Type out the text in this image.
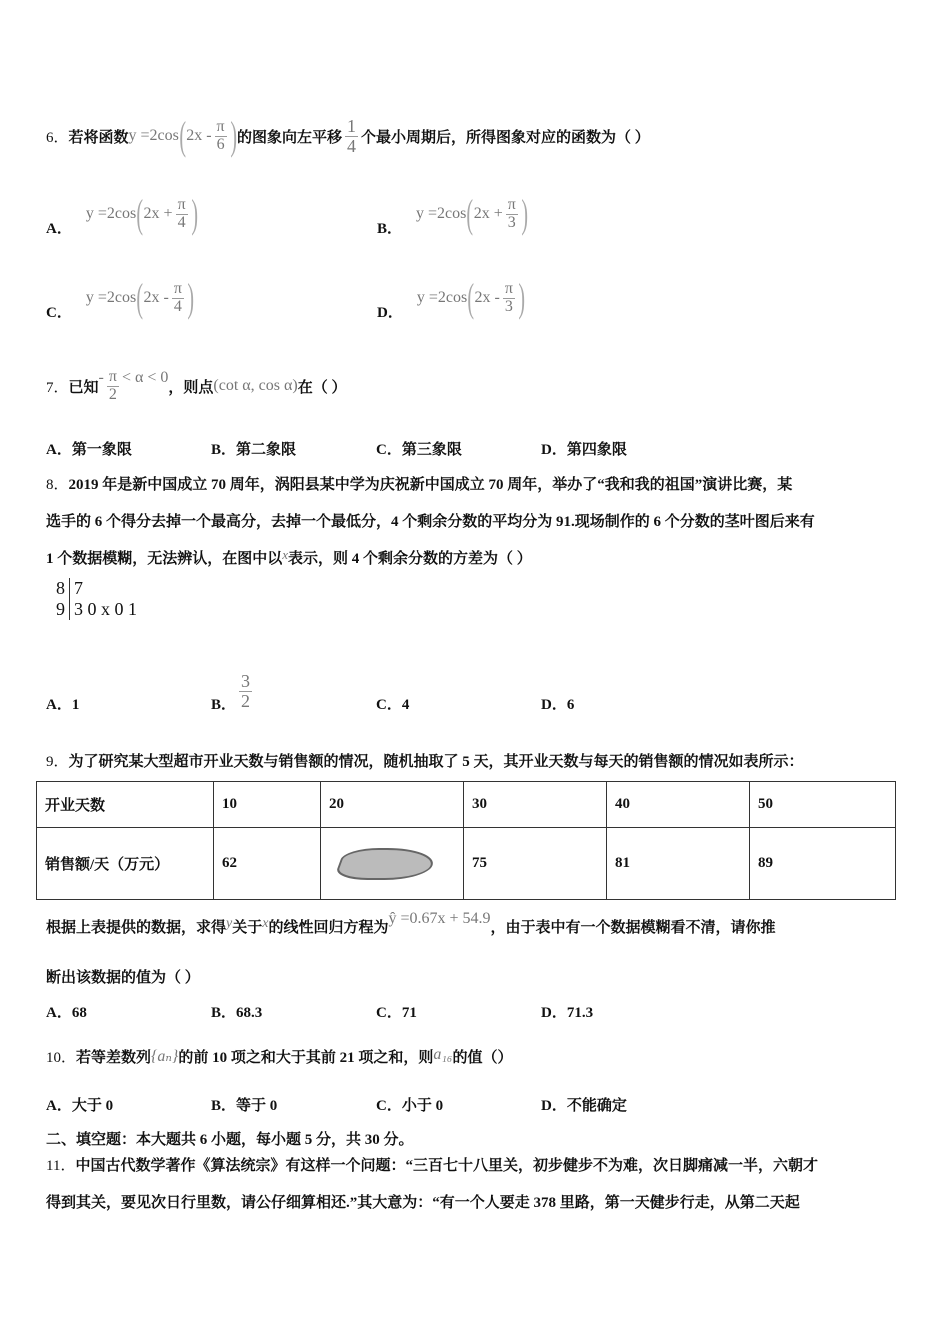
6． 若将函数 y =2cos ( $2x - \frac{\pi}{6}$ ) 的图象向左平移 $\frac{1}{4}$ 个最小周期后，所得图象对应的函数为（ ）
A．
y =2cos ( $2x + \frac{\pi}{4}$ )	B．
y =2cos ( $2x + \frac{\pi}{3}$ )
C．
y =2cos ( $2x - \frac{\pi}{4}$ )	D．
y =2cos ( $2x - \frac{\pi}{3}$ )
7． 已知
- $\frac{\pi}{2} < \alpha < 0$
，则点 (cot α, cos α) 在（ ）
A．第一象限	B．第二象限	C．第三象限	D．第四象限
8． 2019 年是新中国成立 70 周年，涡阳县某中学为庆祝新中国成立 70 周年，举办了“我和我的祖国”演讲比赛，某
选手的 6 个得分去掉一个最高分，去掉一个最低分，4 个剩余分数的平均分为 91.现场制作的 6 个分数的茎叶图后来有
1 个数据模糊，无法辨认，在图中以 x 表示，则 4 个剩余分数的方差为（ ）
8	7
9	3 0 x 0 1
A．1	B．
3
2	C．4	D．6
9． 为了研究某大型超市开业天数与销售额的情况，随机抽取了 5 天，其开业天数与每天的销售额的情况如表所示：
开业天数	10	20	30	40	50
销售额/天（万元）	62		75	81	89
根据上表提供的数据，求得 y 关于 x 的线性回归方程为
ŷ =0.67x + 54.9
，由于表中有一个数据模糊看不清，请你推
断出该数据的值为（ ）
A．68	B．68.3	C．71	D．71.3
10． 若等差数列 {aₙ} 的前 10 项之和大于其前 21 项之和，则 a₁₆ 的值（）
A．大于 0	B．等于 0	C．小于 0	D．不能确定
二、填空题：本大题共 6 小题，每小题 5 分，共 30 分。
11． 中国古代数学著作《算法统宗》有这样一个问题：“三百七十八里关，初步健步不为难，次日脚痛减一半，六朝才
得到其关，要见次日行里数，请公仔细算相还.”其大意为：“有一个人要走 378 里路，第一天健步行走，从第二天起
